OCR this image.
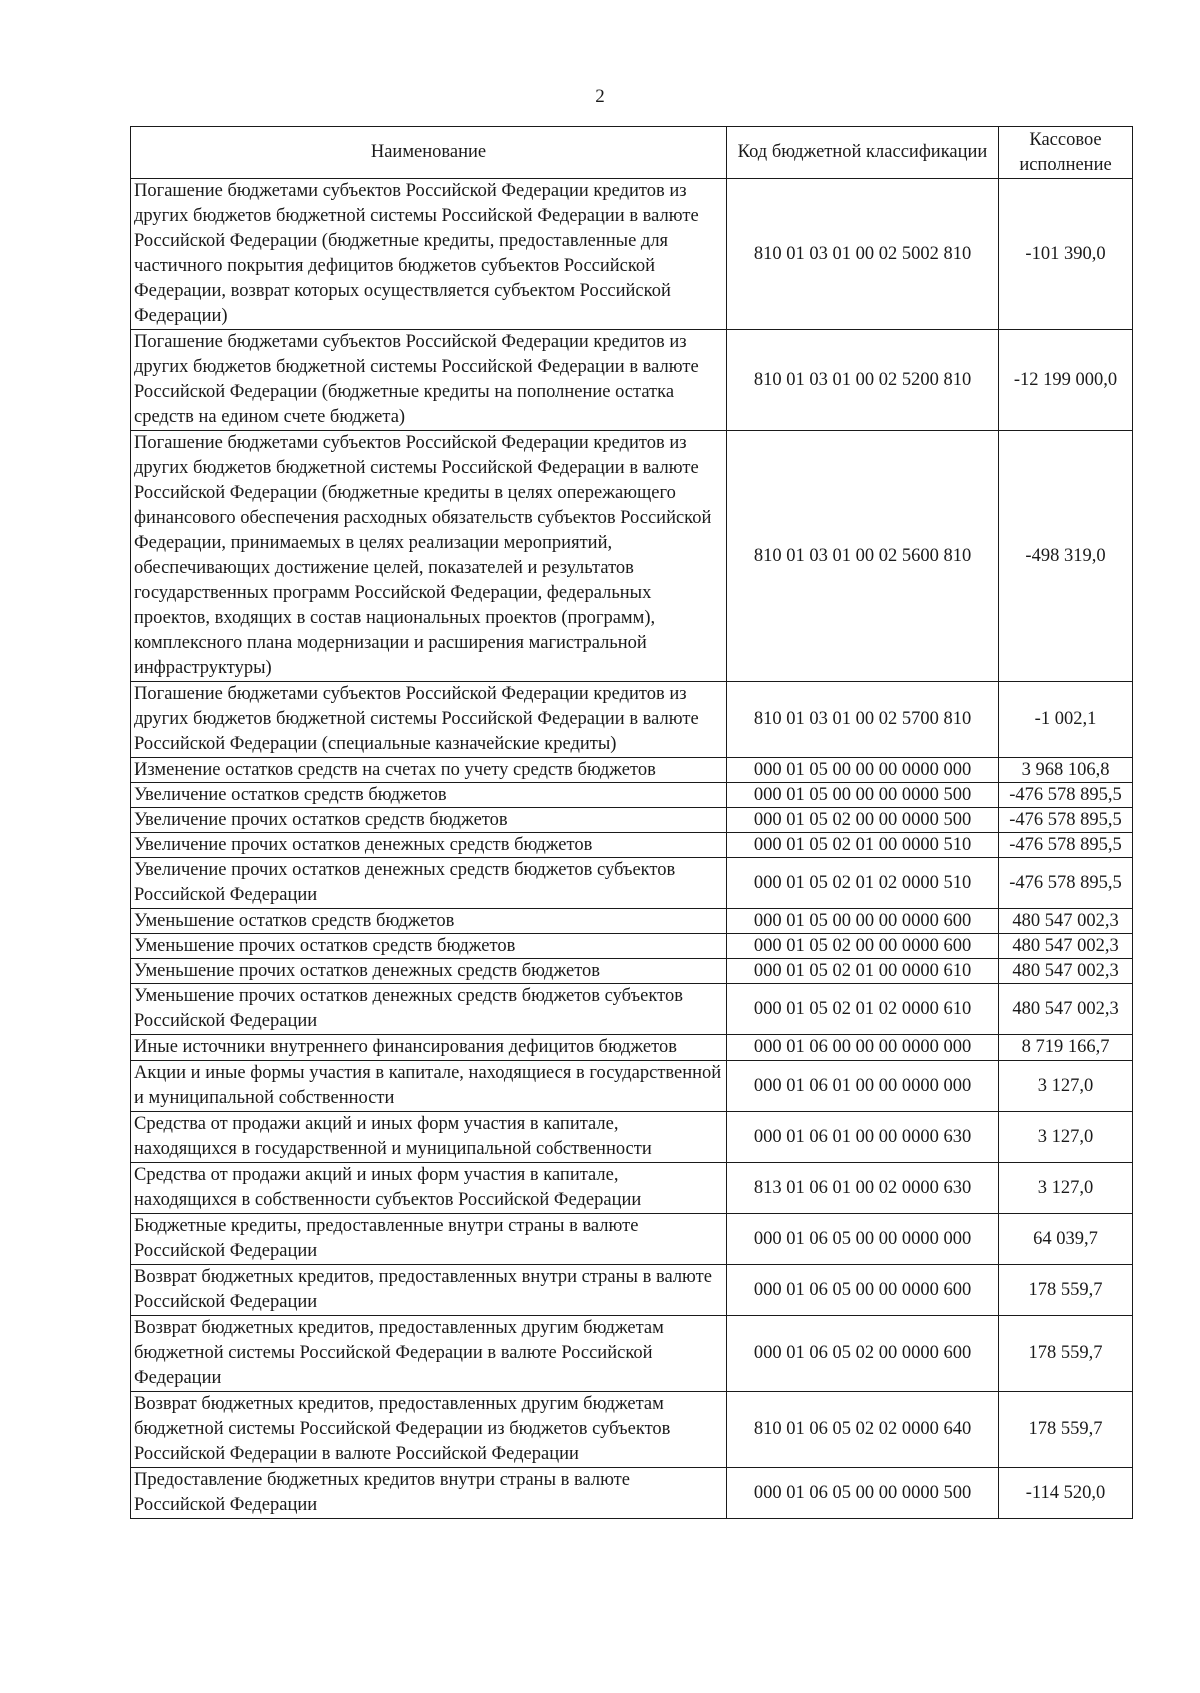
2
Наименование	Код бюджетной классификации	Кассовое исполнение
Погашение бюджетами субъектов Российской Федерации кредитов из других бюджетов бюджетной системы Российской Федерации в валюте Российской Федерации (бюджетные кредиты, предоставленные для частичного покрытия дефицитов бюджетов субъектов Российской Федерации, возврат которых осуществляется субъектом Российской Федерации)	810 01 03 01 00 02 5002 810	-101 390,0
Погашение бюджетами субъектов Российской Федерации кредитов из других бюджетов бюджетной системы Российской Федерации в валюте Российской Федерации (бюджетные кредиты на пополнение остатка средств на едином счете бюджета)	810 01 03 01 00 02 5200 810	-12 199 000,0
Погашение бюджетами субъектов Российской Федерации кредитов из других бюджетов бюджетной системы Российской Федерации в валюте Российской Федерации (бюджетные кредиты в целях опережающего финансового обеспечения расходных обязательств субъектов Российской Федерации, принимаемых в целях реализации мероприятий, обеспечивающих достижение целей, показателей и результатов государственных программ Российской Федерации, федеральных проектов, входящих в состав национальных проектов (программ), комплексного плана модернизации и расширения магистральной инфраструктуры)	810 01 03 01 00 02 5600 810	-498 319,0
Погашение бюджетами субъектов Российской Федерации кредитов из других бюджетов бюджетной системы Российской Федерации в валюте Российской Федерации (специальные казначейские кредиты)	810 01 03 01 00 02 5700 810	-1 002,1
Изменение остатков средств на счетах по учету средств бюджетов	000 01 05 00 00 00 0000 000	3 968 106,8
Увеличение остатков средств бюджетов	000 01 05 00 00 00 0000 500	-476 578 895,5
Увеличение прочих остатков средств бюджетов	000 01 05 02 00 00 0000 500	-476 578 895,5
Увеличение прочих остатков денежных средств бюджетов	000 01 05 02 01 00 0000 510	-476 578 895,5
Увеличение прочих остатков денежных средств бюджетов субъектов Российской Федерации	000 01 05 02 01 02 0000 510	-476 578 895,5
Уменьшение остатков средств бюджетов	000 01 05 00 00 00 0000 600	480 547 002,3
Уменьшение прочих остатков средств бюджетов	000 01 05 02 00 00 0000 600	480 547 002,3
Уменьшение прочих остатков денежных средств бюджетов	000 01 05 02 01 00 0000 610	480 547 002,3
Уменьшение прочих остатков денежных средств бюджетов субъектов Российской Федерации	000 01 05 02 01 02 0000 610	480 547 002,3
Иные источники внутреннего финансирования дефицитов бюджетов	000 01 06 00 00 00 0000 000	8 719 166,7
Акции и иные формы участия в капитале, находящиеся в государственной и муниципальной собственности	000 01 06 01 00 00 0000 000	3 127,0
Средства от продажи акций и иных форм участия в капитале, находящихся в государственной и муниципальной собственности	000 01 06 01 00 00 0000 630	3 127,0
Средства от продажи акций и иных форм участия в капитале, находящихся в собственности субъектов Российской Федерации	813 01 06 01 00 02 0000 630	3 127,0
Бюджетные кредиты, предоставленные внутри страны в валюте Российской Федерации	000 01 06 05 00 00 0000 000	64 039,7
Возврат бюджетных кредитов, предоставленных внутри страны в валюте Российской Федерации	000 01 06 05 00 00 0000 600	178 559,7
Возврат бюджетных кредитов, предоставленных другим бюджетам бюджетной системы Российской Федерации в валюте Российской Федерации	000 01 06 05 02 00 0000 600	178 559,7
Возврат бюджетных кредитов, предоставленных другим бюджетам бюджетной системы Российской Федерации из бюджетов субъектов Российской Федерации в валюте Российской Федерации	810 01 06 05 02 02 0000 640	178 559,7
Предоставление бюджетных кредитов внутри страны в валюте Российской Федерации	000 01 06 05 00 00 0000 500	-114 520,0
